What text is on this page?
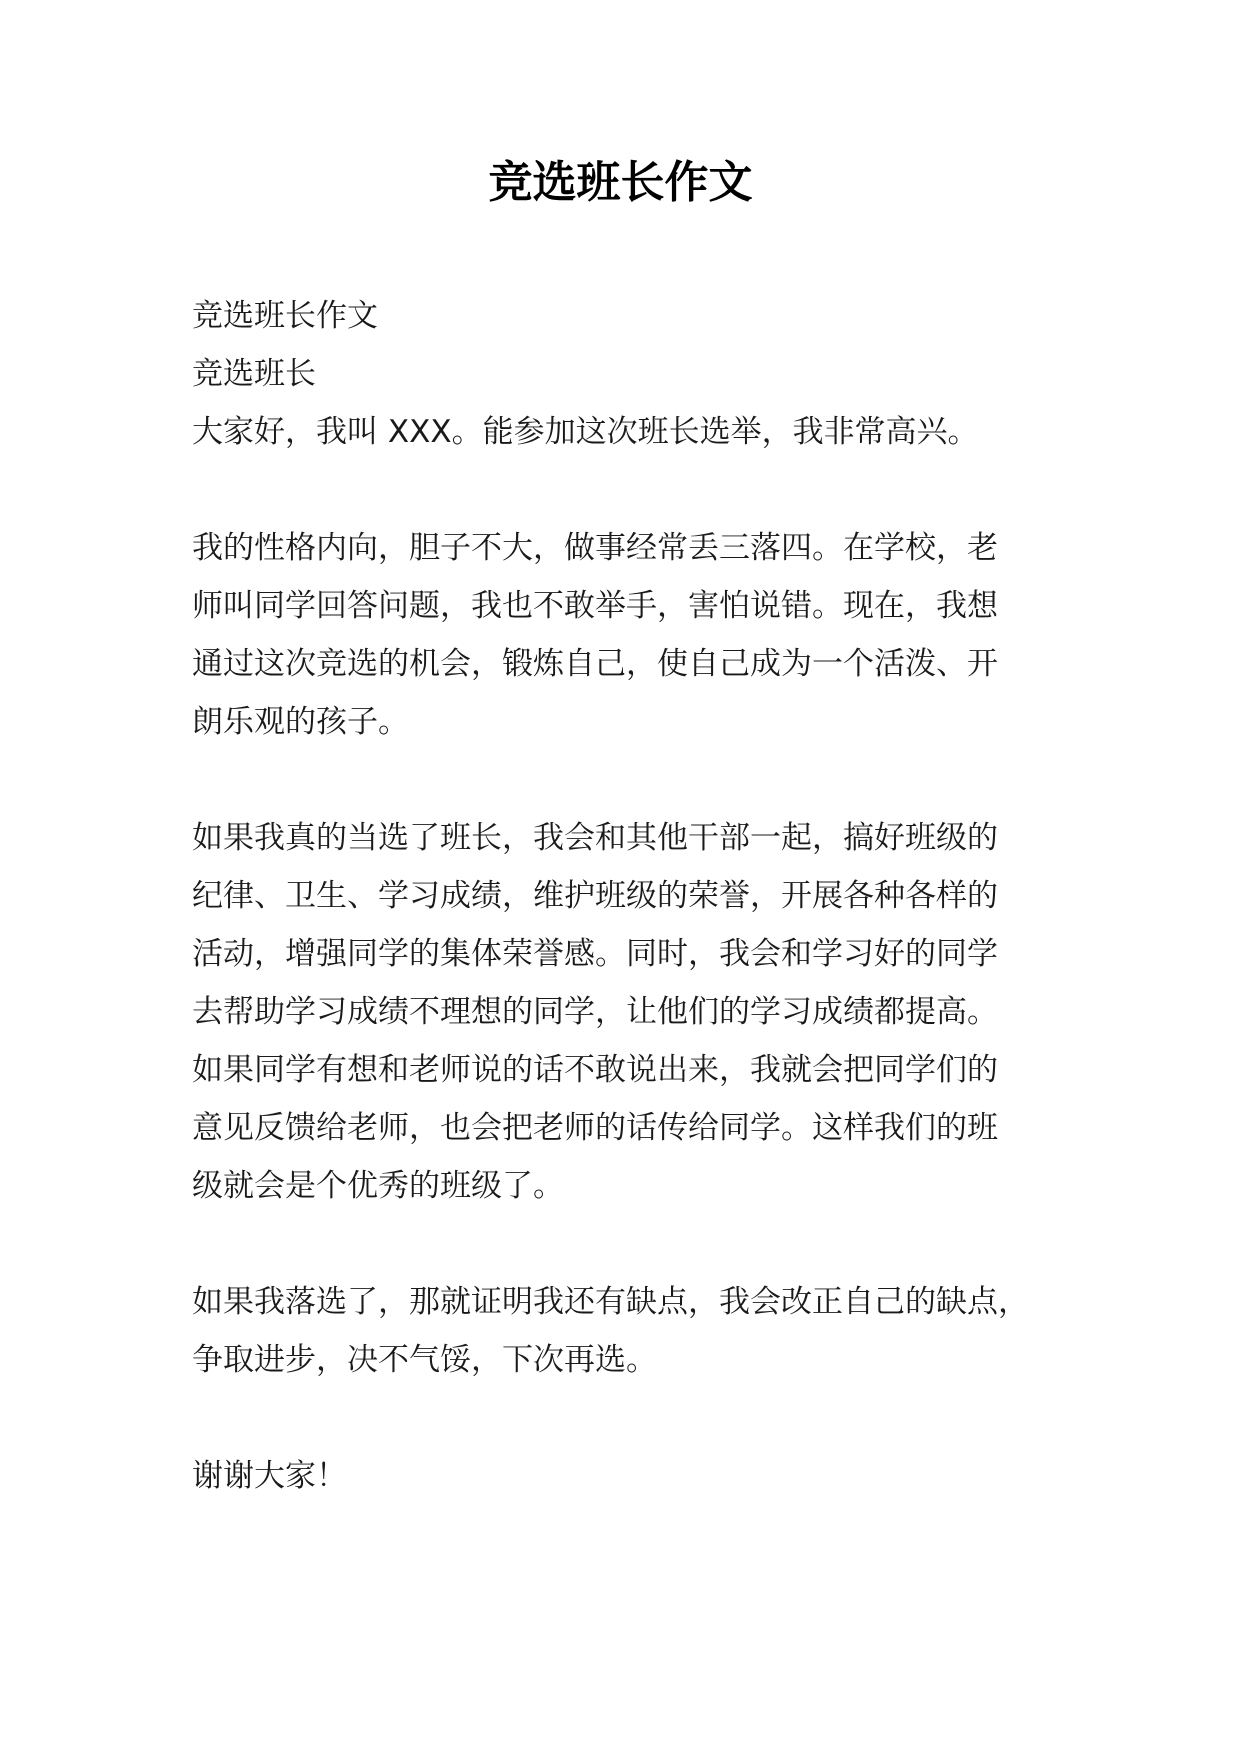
竞选班长作文
竞选班长作文
竞选班长
大家好，我叫 XXX。能参加这次班长选举，我非常高兴。
我的性格内向，胆子不大，做事经常丢三落四。在学校，老
师叫同学回答问题，我也不敢举手，害怕说错。现在，我想
通过这次竞选的机会，锻炼自己，使自己成为一个活泼、开
朗乐观的孩子。
如果我真的当选了班长，我会和其他干部一起，搞好班级的
纪律、卫生、学习成绩，维护班级的荣誉，开展各种各样的
活动，增强同学的集体荣誉感。同时，我会和学习好的同学
去帮助学习成绩不理想的同学，让他们的学习成绩都提高。
如果同学有想和老师说的话不敢说出来，我就会把同学们的
意见反馈给老师，也会把老师的话传给同学。这样我们的班
级就会是个优秀的班级了。
如果我落选了，那就证明我还有缺点，我会改正自己的缺点，
争取进步，决不气馁，下次再选。
谢谢大家！
